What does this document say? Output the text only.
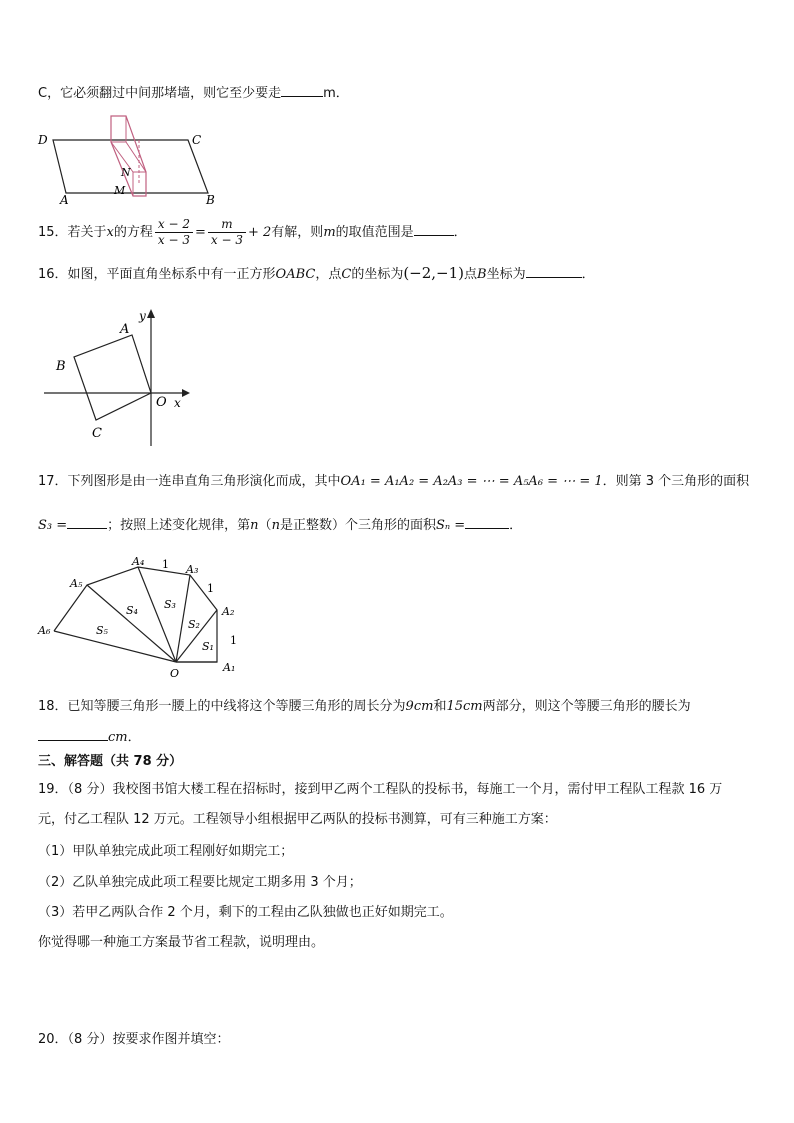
C，它必须翻过中间那堵墙，则它至少要走	m．
D	C
A	B
M
N
15．若关于x的方程 $\frac{x - 2}{x - 3} = \frac{m}{x - 3} + 2$有解，则m的取值范围是	．
16．如图，平面直角坐标系中有一正方形OABC，点C的坐标为(−2,−1)点B坐标为	．
y
A
B
O x
C
17．下列图形是由一连串直角三角形演化而成，其中OA₁ = A₁A₂ = A₂A₃ = ⋯ = A₅A₆ = ⋯ = 1．则第 3 个三角形的面积
S₃ =	；按照上述变化规律，第n（n是正整数）个三角形的面积Sₙ =	．
A₁
A₂
A₃
A₄
A₅
A₆
O
S₁
S₂
S₃
S₄
S₅
1
1
1
18．已知等腰三角形一腰上的中线将这个等腰三角形的周长分为9cm和15cm两部分，则这个等腰三角形的腰长为
cm．
三、解答题（共 78 分）
19．（8 分）我校图书馆大楼工程在招标时，接到甲乙两个工程队的投标书，每施工一个月，需付甲工程队工程款 16 万
元，付乙工程队 12 万元。工程领导小组根据甲乙两队的投标书测算，可有三种施工方案：
（1）甲队单独完成此项工程刚好如期完工；
（2）乙队单独完成此项工程要比规定工期多用 3 个月；
（3）若甲乙两队合作 2 个月，剩下的工程由乙队独做也正好如期完工。
你觉得哪一种施工方案最节省工程款，说明理由。
20．（8 分）按要求作图并填空：
